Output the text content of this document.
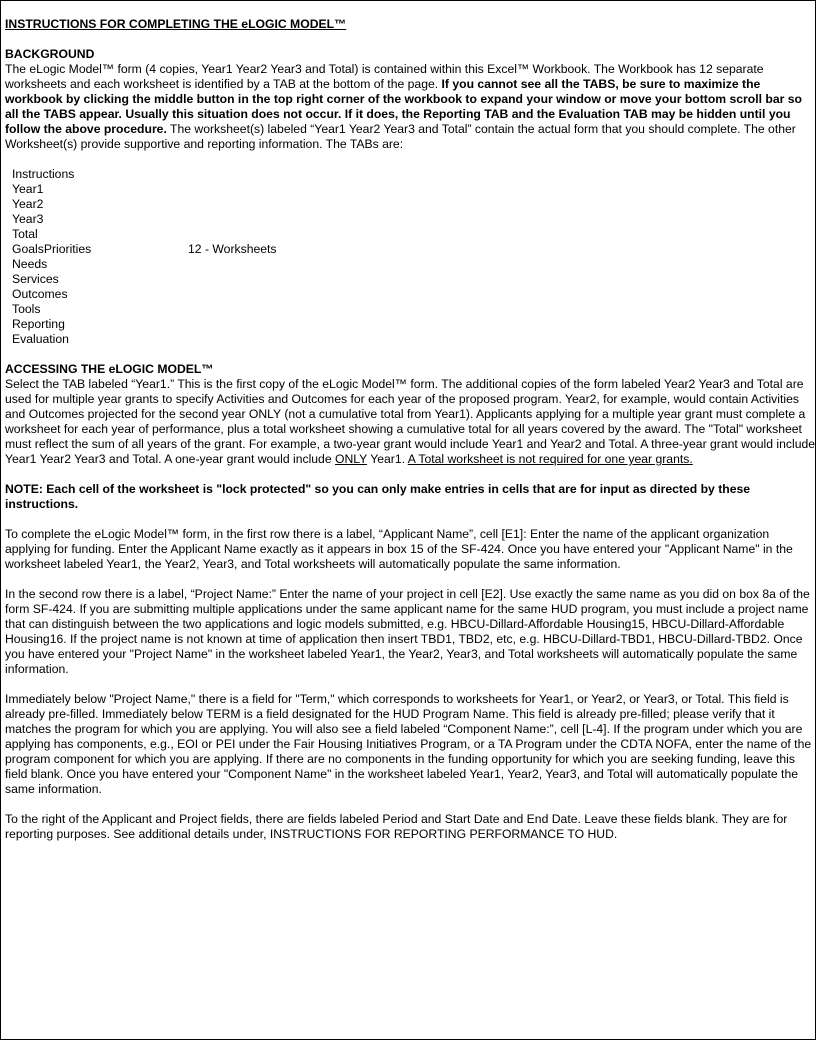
INSTRUCTIONS FOR COMPLETING THE eLOGIC MODEL™

BACKGROUND

The eLogic Model™ form (4 copies, Year1 Year2 Year3 and Total) is contained within this Excel™ Workbook. The Workbook has 12 separate worksheets and each worksheet is identified by a TAB at the bottom of the page. If you cannot see all the TABS, be sure to maximize the workbook by clicking the middle button in the top right corner of the workbook to expand your window or move your bottom scroll bar so all the TABS appear. Usually this situation does not occur. If it does, the Reporting TAB and the Evaluation TAB may be hidden until you follow the above procedure. The worksheet(s) labeled “Year1 Year2 Year3 and Total” contain the actual form that you should complete. The other Worksheet(s) provide supportive and reporting information. The TABs are:

Instructions
Year1
Year2
Year3
Total
GoalsPriorities
Needs
Services
Outcomes
Tools
Reporting
Evaluation
12 - Worksheets
ACCESSING THE eLOGIC MODEL™

Select the TAB labeled “Year1.” This is the first copy of the eLogic Model™ form. The additional copies of the form labeled Year2 Year3 and Total are used for multiple year grants to specify Activities and Outcomes for each year of the proposed program. Year2, for example, would contain Activities and Outcomes projected for the second year ONLY (not a cumulative total from Year1). Applicants applying for a multiple year grant must complete a worksheet for each year of performance, plus a total worksheet showing a cumulative total for all years covered by the award. The "Total" worksheet must reflect the sum of all years of the grant. For example, a two-year grant would include Year1 and Year2 and Total. A three-year grant would include Year1 Year2 Year3 and Total. A one-year grant would include ONLY Year1. A Total worksheet is not required for one year grants.

NOTE: Each cell of the worksheet is "lock protected" so you can only make entries in cells that are for input as directed by these instructions.

To complete the eLogic Model™ form, in the first row there is a label, “Applicant Name”, cell [E1]: Enter the name of the applicant organization applying for funding. Enter the Applicant Name exactly as it appears in box 15 of the SF-424. Once you have entered your "Applicant Name" in the worksheet labeled Year1, the Year2, Year3, and Total worksheets will automatically populate the same information.

In the second row there is a label, “Project Name:” Enter the name of your project in cell [E2]. Use exactly the same name as you did on box 8a of the form SF-424. If you are submitting multiple applications under the same applicant name for the same HUD program, you must include a project name that can distinguish between the two applications and logic models submitted, e.g. HBCU-Dillard-Affordable Housing15, HBCU-Dillard-Affordable Housing16. If the project name is not known at time of application then insert TBD1, TBD2, etc, e.g. HBCU-Dillard-TBD1, HBCU-Dillard-TBD2. Once you have entered your "Project Name" in the worksheet labeled Year1, the Year2, Year3, and Total worksheets will automatically populate the same information.

Immediately below "Project Name," there is a field for "Term," which corresponds to worksheets for Year1, or Year2, or Year3, or Total. This field is already pre-filled. Immediately below TERM is a field designated for the HUD Program Name. This field is already pre-filled; please verify that it matches the program for which you are applying. You will also see a field labeled “Component Name:”, cell [L-4]. If the program under which you are applying has components, e.g., EOI or PEI under the Fair Housing Initiatives Program, or a TA Program under the CDTA NOFA, enter the name of the program component for which you are applying. If there are no components in the funding opportunity for which you are seeking funding, leave this field blank. Once you have entered your "Component Name" in the worksheet labeled Year1, Year2, Year3, and Total will automatically populate the same information.

To the right of the Applicant and Project fields, there are fields labeled Period and Start Date and End Date. Leave these fields blank. They are for reporting purposes. See additional details under, INSTRUCTIONS FOR REPORTING PERFORMANCE TO HUD.
